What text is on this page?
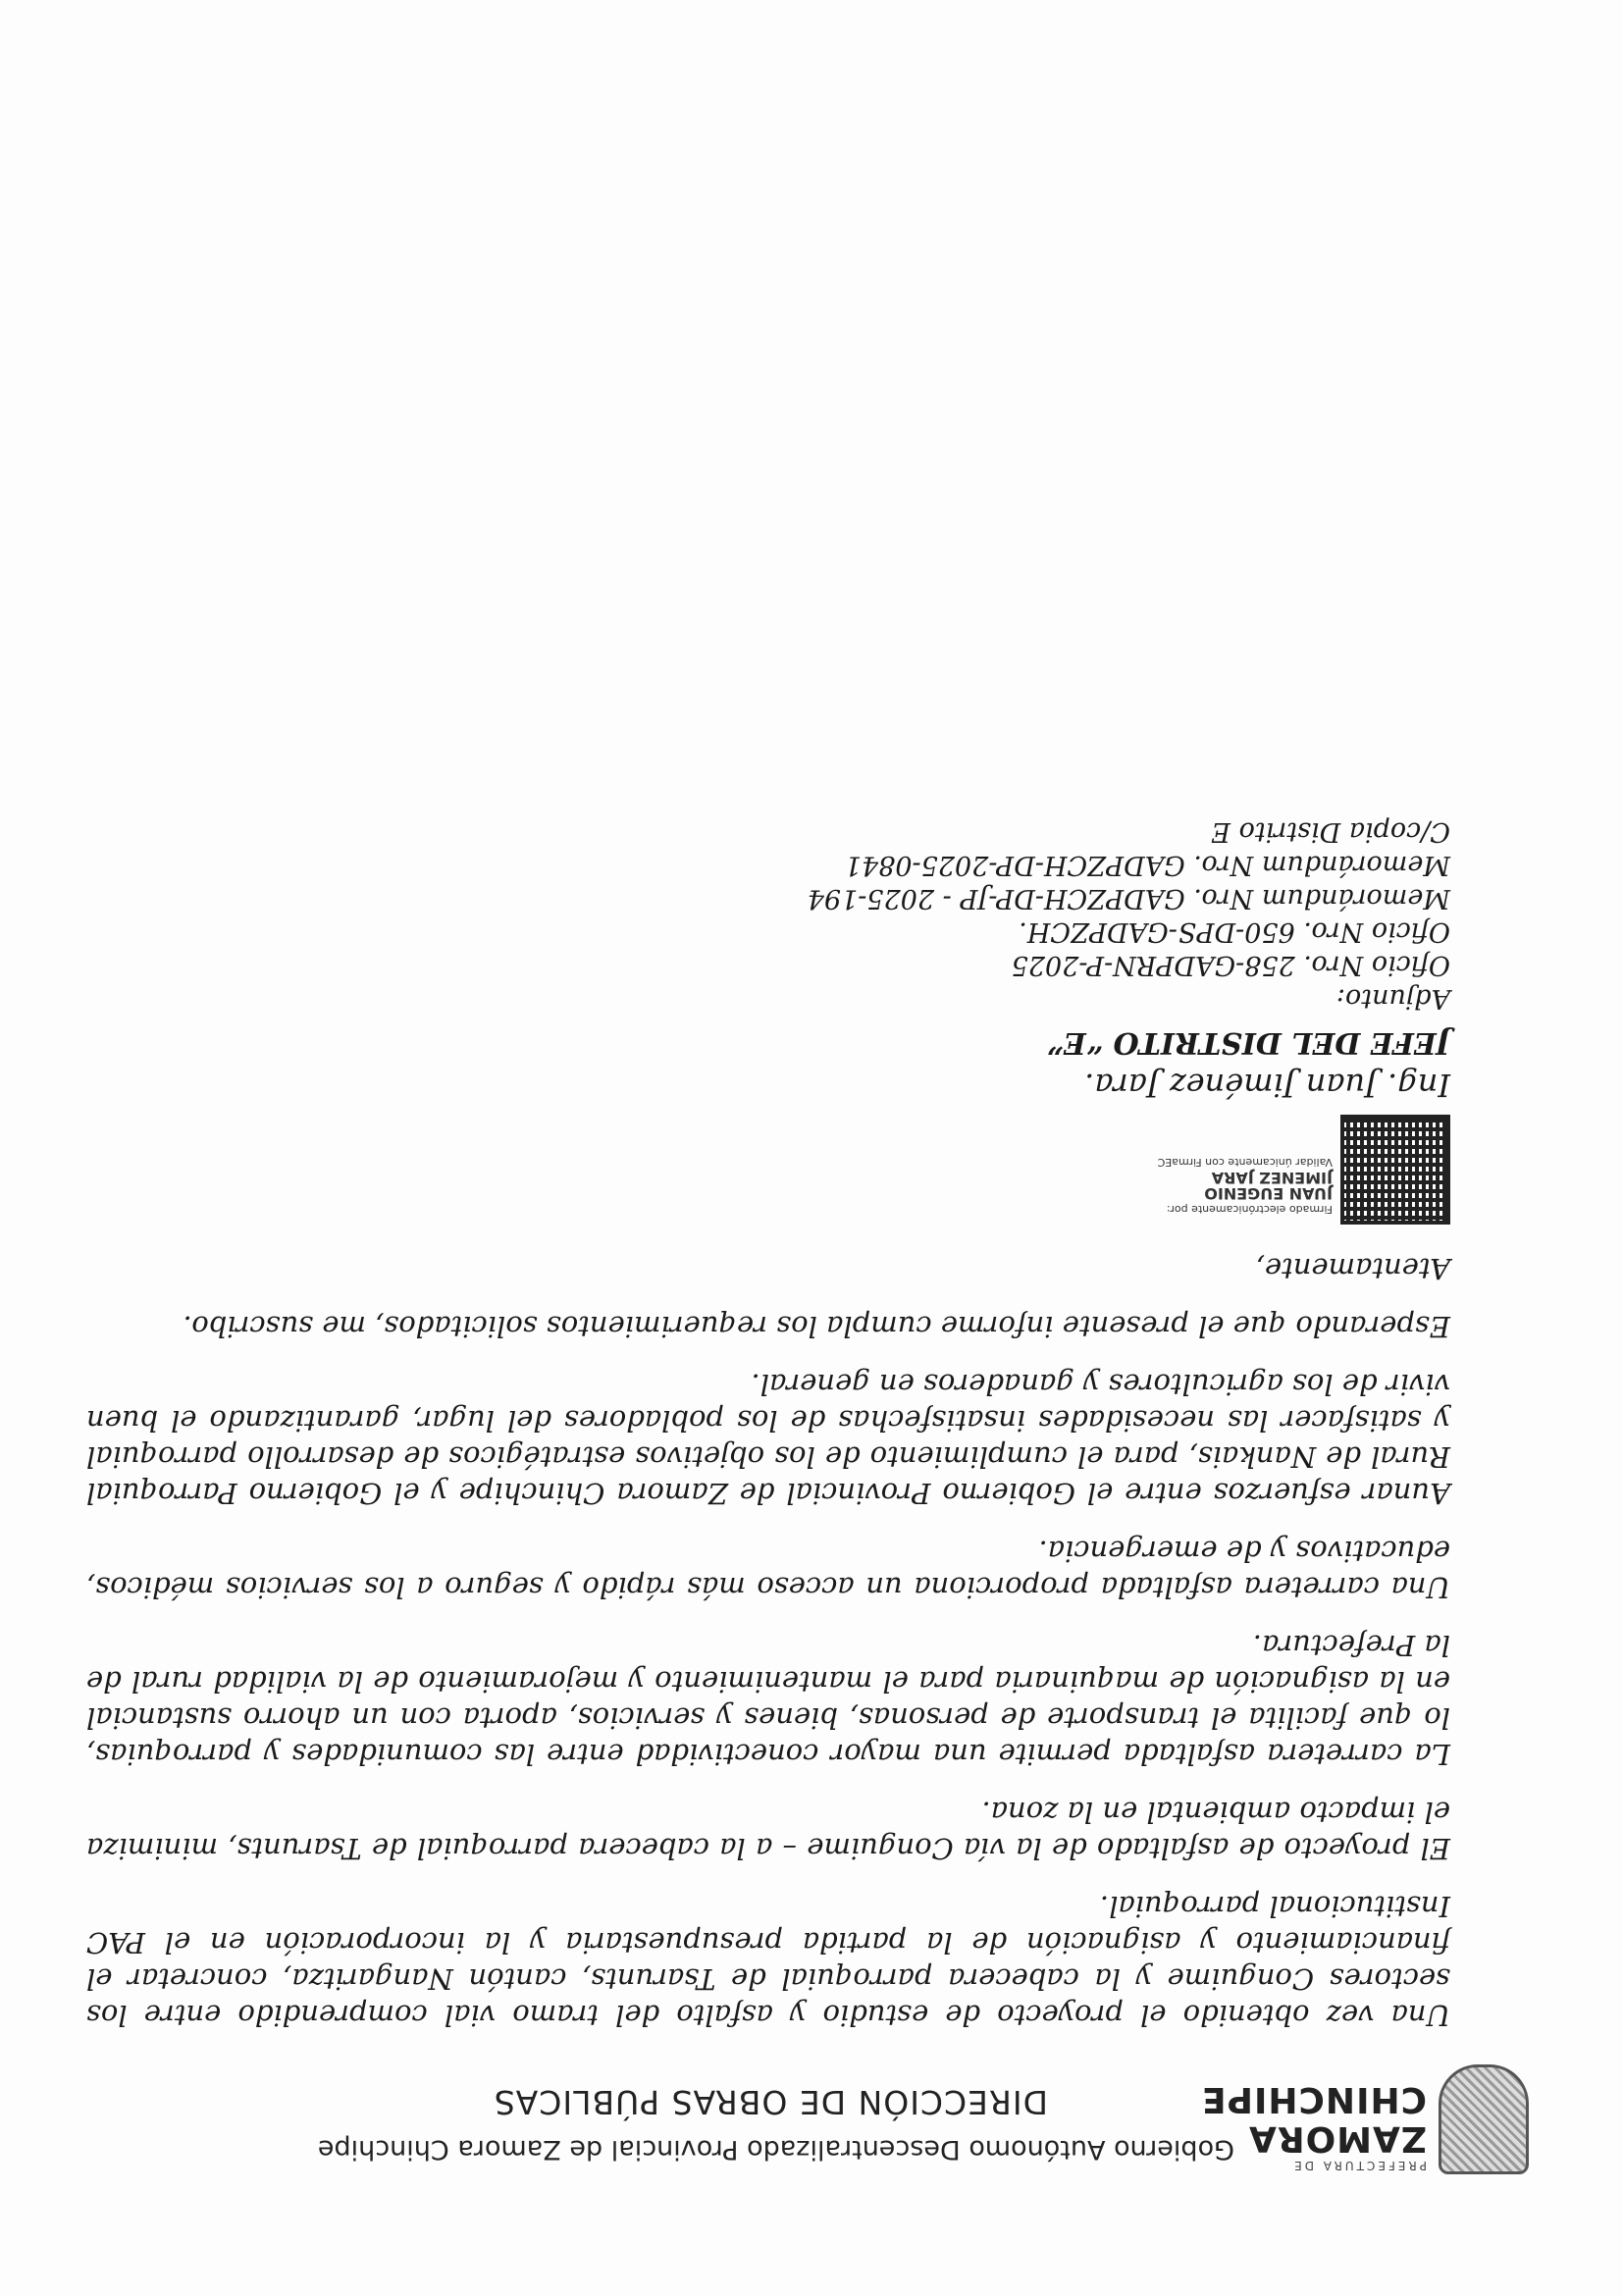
PREFECTURA DE
ZAMORA
CHINCHIPE
Gobierno Autónomo Descentralizado Provincial de Zamora Chinchipe
DIRECCIÓN DE OBRAS PÚBLICAS

Una vez obtenido el proyecto de estudio y asfalto del tramo vial comprendido entre los sectores Conguime y la cabecera parroquial de Tsarunts, cantón Nangaritza, concretar el financiamiento y asignación de la partida presupuestaria y la incorporación en el PAC Institucional parroquial.

El proyecto de asfaltado de la vía Conguime – a la cabecera parroquial de Tsarunts, minimiza el impacto ambiental en la zona.

La carretera asfaltada permite una mayor conectividad entre las comunidades y parroquias, lo que facilita el transporte de personas, bienes y servicios, aporta con un ahorro sustancial en la asignación de maquinaria para el mantenimiento y mejoramiento de la vialidad rural de la Prefectura.

Una carretera asfaltada proporciona un acceso más rápido y seguro a los servicios médicos, educativos y de emergencia.

Aunar esfuerzos entre el Gobierno Provincial de Zamora Chinchipe y el Gobierno Parroquial Rural de Nankais, para el cumplimiento de los objetivos estratégicos de desarrollo parroquial y satisfacer las necesidades insatisfechas de los pobladores del lugar, garantizando el buen vivir de los agricultores y ganaderos en general.

Esperando que el presente informe cumpla los requerimientos solicitados, me suscribo.

Atentamente,
Firmado electrónicamente por:
JUAN EUGENIO
JIMENEZ JARA
Validar únicamente con FirmaEC
Ing. Juan Jiménez Jara.
JEFE DEL DISTRITO “E”
Adjunto:
Oficio Nro. 258-GADPRN-P-2025
Oficio Nro. 650-DPS-GADPZCH.
Memorándum Nro. GADPZCH-DP-JP - 2025-194
Memorándum Nro. GADPZCH-DP-2025-0841
C/copia Distrito E
